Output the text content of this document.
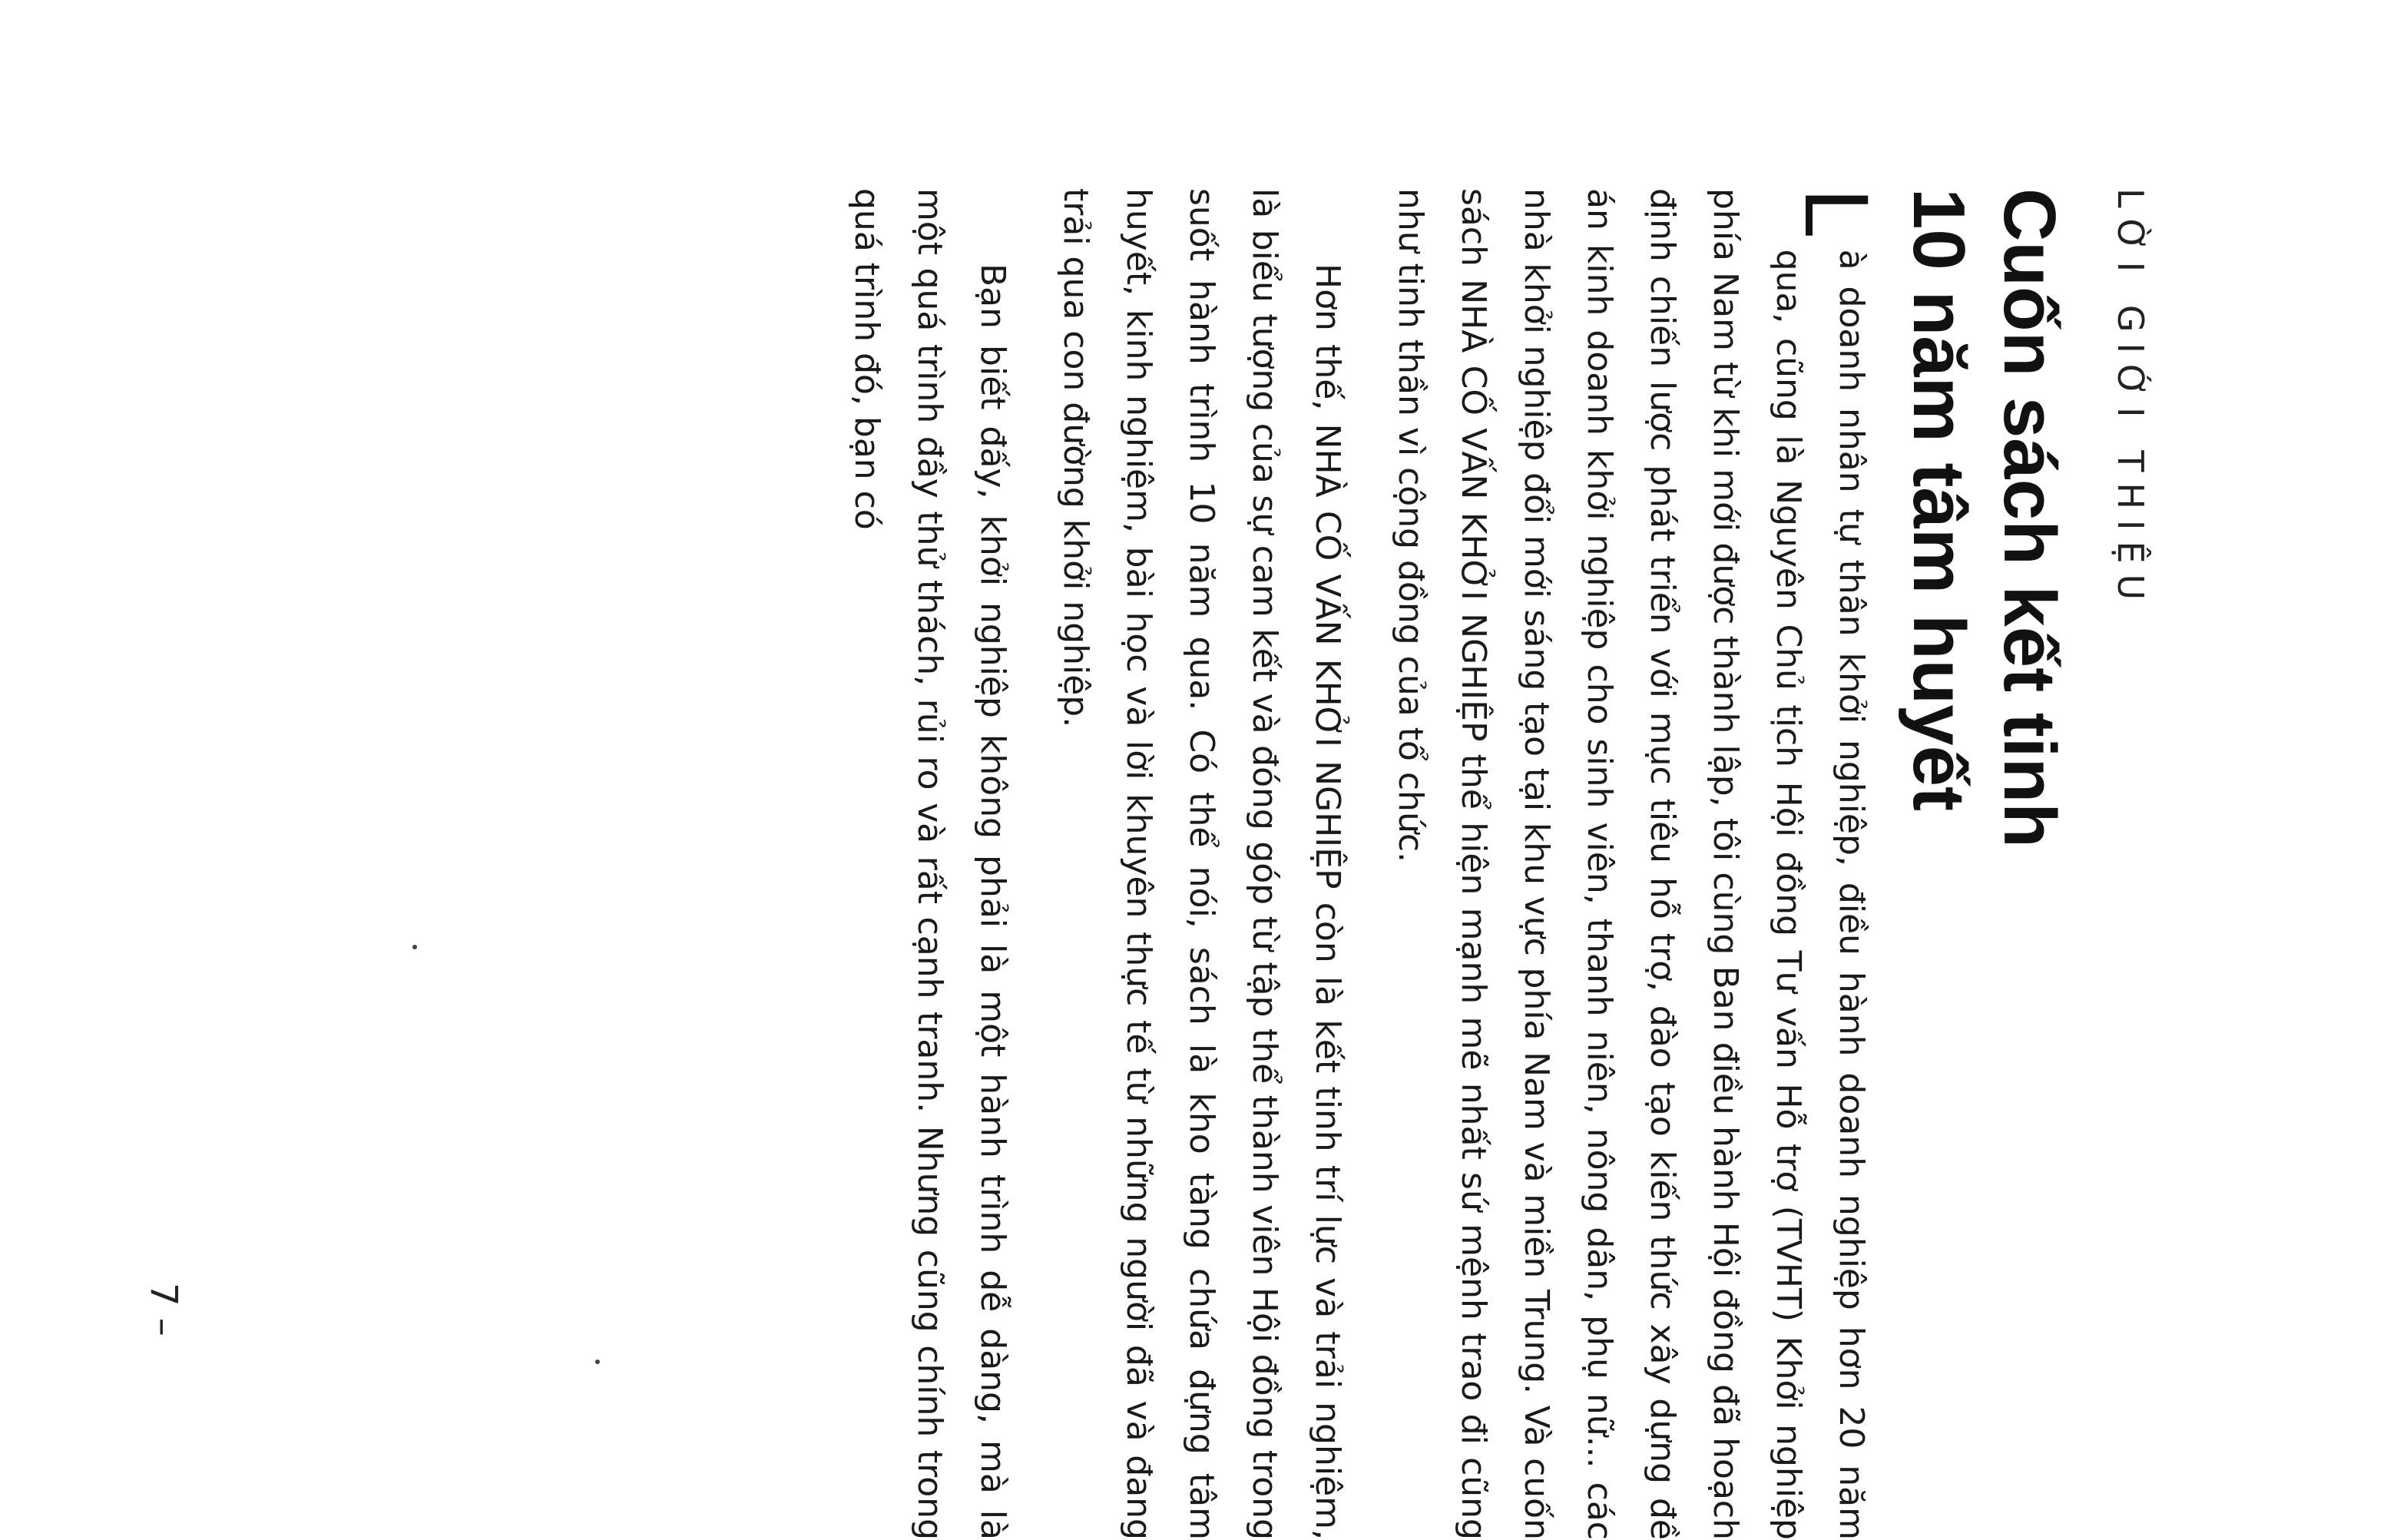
LỜI GIỚI THIỆU
Cuốn sách kết tinh
10 năm tâm huyết

L
à doanh nhân tự thân khởi nghiệp, điều hành doanh nghiệp hơn 20 năm qua, cũng là Nguyên Chủ tịch Hội đồng Tư vấn Hỗ trợ (TVHT) Khởi nghiệp phía Nam từ khi mới được thành lập, tôi cùng Ban điều hành Hội đồng đã hoạch định chiến lược phát triển với mục tiêu hỗ trợ, đào tạo kiến thức xây dựng đề án kinh doanh khởi nghiệp cho sinh viên, thanh niên, nông dân, phụ nữ... các nhà khởi nghiệp đổi mới sáng tạo tại khu vực phía Nam và miền Trung. Và cuốn sách NHÀ CỐ VẤN KHỞI NGHIỆP thể hiện mạnh mẽ nhất sứ mệnh trao đi cũng như tinh thần vì cộng đồng của tổ chức.

Hơn thế, NHÀ CỐ VẤN KHỞI NGHIỆP còn là kết tinh trí lực và trải nghiệm, là biểu tượng của sự cam kết và đóng góp từ tập thể thành viên Hội đồng trong suốt hành trình 10 năm qua. Có thể nói, sách là kho tàng chứa đựng tâm huyết, kinh nghiệm, bài học và lời khuyên thực tế từ những người đã và đang trải qua con đường khởi nghiệp.

Bạn biết đấy, khởi nghiệp không phải là một hành trình dễ dàng, mà là một quá trình đầy thử thách, rủi ro và rất cạnh tranh. Nhưng cũng chính trong quá trình đó, bạn có

7 –
